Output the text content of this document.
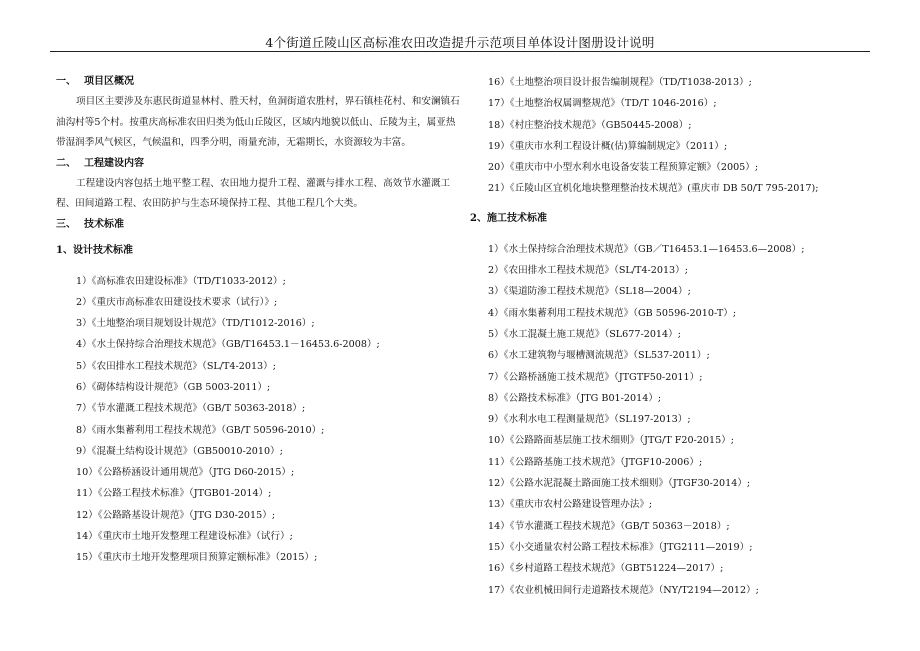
4个街道丘陵山区高标准农田改造提升示范项目单体设计图册设计说明
一、 项目区概况

项目区主要涉及东惠民街道显林村、胜天村，鱼洞街道农胜村，界石镇桂花村、和安澜镇石油沟村等5个村。按重庆高标准农田归类为低山丘陵区，区域内地貌以低山、丘陵为主，属亚热带湿润季风气候区，气候温和，四季分明，雨量充沛，无霜期长，水资源较为丰富。

二、 工程建设内容

工程建设内容包括土地平整工程、农田地力提升工程、灌溉与排水工程、高效节水灌溉工程、田间道路工程、农田防护与生态环境保持工程、其他工程几个大类。

三、 技术标准
1、设计技术标准
1）《高标准农田建设标准》（TD/T1033-2012）;
2）《重庆市高标准农田建设技术要求（试行）》;
3）《土地整治项目规划设计规范》（TD/T1012-2016）;
4）《水土保持综合治理技术规范》（GB/T16453.1－16453.6-2008）;
5）《农田排水工程技术规范》（SL/T4-2013）;
6）《砌体结构设计规范》（GB 5003-2011）;
7）《节水灌溉工程技术规范》（GB/T 50363-2018）;
8）《雨水集蓄利用工程技术规范》（GB/T 50596-2010）;
9）《混凝土结构设计规范》（GB50010-2010）;
10）《公路桥涵设计通用规范》（JTG D60-2015）;
11）《公路工程技术标准》（JTGB01-2014）;
12）《公路路基设计规范》（JTG D30-2015）;
14）《重庆市土地开发整理工程建设标准》（试行）;
15）《重庆市土地开发整理项目预算定额标准》（2015）;
16）《土地整治项目设计报告编制规程》（TD/T1038-2013）;
17）《土地整治权属调整规范》（TD/T 1046-2016）;
18）《村庄整治技术规范》（GB50445-2008）;
19）《重庆市水利工程设计概(估)算编制规定》（2011）;
20）《重庆市中小型水利水电设备安装工程预算定额》（2005）;
21）《丘陵山区宜机化地块整理整治技术规范》(重庆市 DB 50/T 795-2017);
2、施工技术标准
1）《水土保持综合治理技术规范》（GB／T16453.1—16453.6—2008）;
2）《农田排水工程技术规范》（SL/T4-2013）;
3）《渠道防渗工程技术规范》（SL18—2004）;
4）《雨水集蓄利用工程技术规范》（GB 50596-2010-T）;
5）《水工混凝土施工规范》（SL677-2014）;
6）《水工建筑物与堰槽测流规范》（SL537-2011）;
7）《公路桥涵施工技术规范》（JTGTF50-2011）;
8）《公路技术标准》（JTG B01-2014）;
9）《水利水电工程测量规范》（SL197-2013）;
10）《公路路面基层施工技术细则》（JTG/T F20-2015）;
11）《公路路基施工技术规范》（JTGF10-2006）;
12）《公路水泥混凝土路面施工技术细则》（JTGF30-2014）;
13）《重庆市农村公路建设管理办法》;
14）《节水灌溉工程技术规范》（GB/T 50363－2018）;
15）《小交通量农村公路工程技术标准》（JTG2111—2019）;
16）《乡村道路工程技术规范》（GBT51224—2017）;
17）《农业机械田间行走道路技术规范》（NY/T2194—2012）;
